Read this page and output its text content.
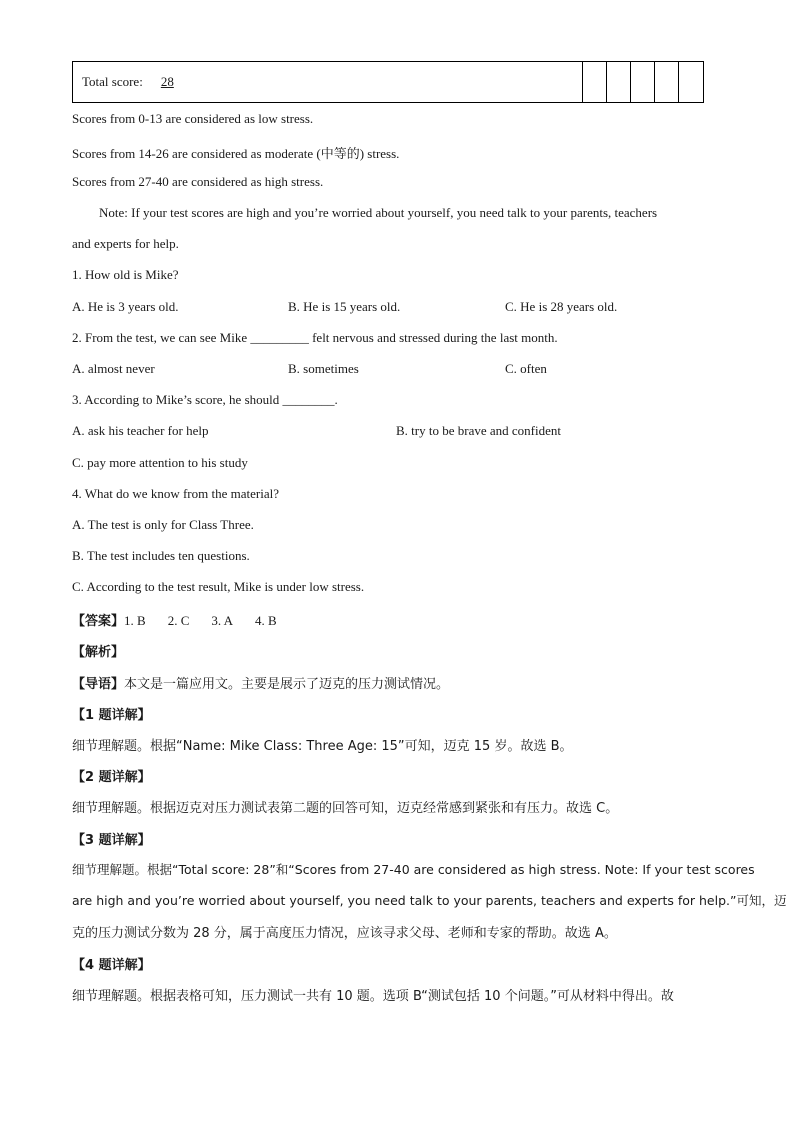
Total score:	28
Scores from 0-13 are considered as low stress.
Scores from 14-26 are considered as moderate (中等的) stress.
Scores from 27-40 are considered as high stress.
Note: If your test scores are high and you’re worried about yourself, you need talk to your parents, teachers
and experts for help.
1. How old is Mike?
A. He is 3 years old.	B. He is 15 years old.	C. He is 28 years old.
2. From the test, we can see Mike _________ felt nervous and stressed during the last month.
A. almost never	B. sometimes	C. often
3. According to Mike’s score, he should ________.
A. ask his teacher for help	B. try to be brave and confident
C. pay more attention to his study
4. What do we know from the material?
A. The test is only for Class Three.
B. The test includes ten questions.
C. According to the test result, Mike is under low stress.
【答案】1. B 2. C 3. A 4. B
【解析】
【导语】本文是一篇应用文。主要是展示了迈克的压力测试情况。
【1 题详解】
细节理解题。根据“Name: Mike Class: Three Age: 15”可知，迈克 15 岁。故选 B。
【2 题详解】
细节理解题。根据迈克对压力测试表第二题的回答可知，迈克经常感到紧张和有压力。故选 C。
【3 题详解】
细节理解题。根据“Total score: 28”和“Scores from 27-40 are considered as high stress. Note: If your test scores
are high and you’re worried about yourself, you need talk to your parents, teachers and experts for help.”可知，迈
克的压力测试分数为 28 分，属于高度压力情况，应该寻求父母、老师和专家的帮助。故选 A。
【4 题详解】
细节理解题。根据表格可知，压力测试一共有 10 题。选项 B“测试包括 10 个问题。”可从材料中得出。故
